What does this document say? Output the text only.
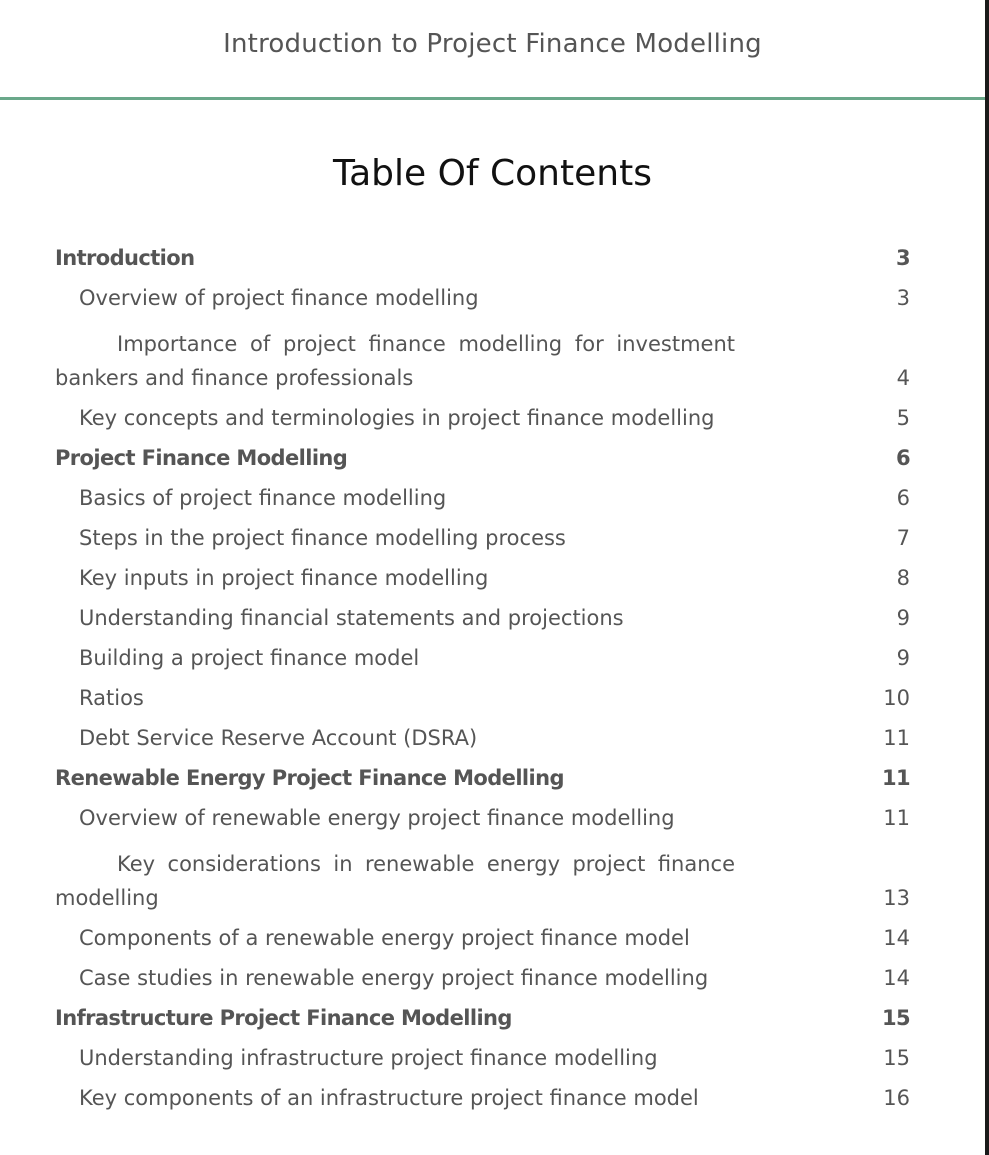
Introduction to Project Finance Modelling
Table Of Contents
Introduction	3
Overview of project finance modelling	3
Importance of project finance modelling for investment bankers and finance professionals	4
Key concepts and terminologies in project finance modelling	5
Project Finance Modelling	6
Basics of project finance modelling	6
Steps in the project finance modelling process	7
Key inputs in project finance modelling	8
Understanding financial statements and projections	9
Building a project finance model	9
Ratios	10
Debt Service Reserve Account (DSRA)	11
Renewable Energy Project Finance Modelling	11
Overview of renewable energy project finance modelling	11
Key considerations in renewable energy project finance modelling	13
Components of a renewable energy project finance model	14
Case studies in renewable energy project finance modelling	14
Infrastructure Project Finance Modelling	15
Understanding infrastructure project finance modelling	15
Key components of an infrastructure project finance model	16
